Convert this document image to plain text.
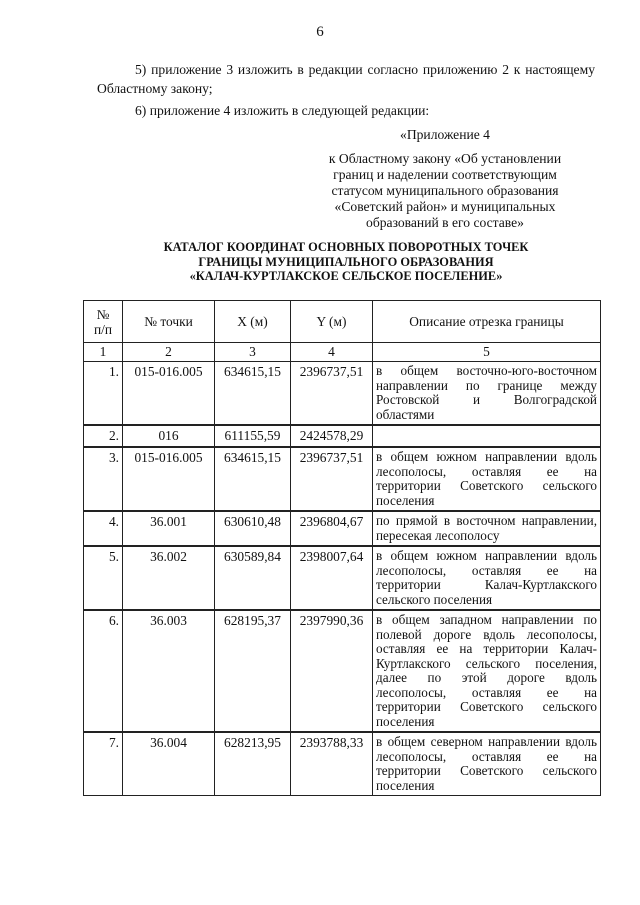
6
5) приложение 3 изложить в редакции согласно приложению 2 к настоящему Областному закону;
6) приложение 4 изложить в следующей редакции:
«Приложение 4
к Областному закону «Об установлении
границ и наделении соответствующим
статусом муниципального образования
«Советский район» и муниципальных
образований в его составе»
КАТАЛОГ КООРДИНАТ ОСНОВНЫХ ПОВОРОТНЫХ ТОЧЕК
ГРАНИЦЫ МУНИЦИПАЛЬНОГО ОБРАЗОВАНИЯ
«КАЛАЧ-КУРТЛАКСКОЕ СЕЛЬСКОЕ ПОСЕЛЕНИЕ»
№
п/п	№ точки	X (м)	Y (м)	Описание отрезка границы
1	2	3	4	5
1.	015-016.005	634615,15	2396737,51	в общем восточно-юго-восточном направлении по границе между Ростовской и Волгоградской областями

2.	016	611155,59	2424578,29	

3.	015-016.005	634615,15	2396737,51	в общем южном направлении вдоль лесополосы, оставляя ее на территории Советского сельского поселения

4.	36.001	630610,48	2396804,67	по прямой в восточном направлении, пересекая лесополосу

5.	36.002	630589,84	2398007,64	в общем южном направлении вдоль лесополосы, оставляя ее на территории Калач-Куртлакского сельского поселения

6.	36.003	628195,37	2397990,36	в общем западном направлении по полевой дороге вдоль лесополосы, оставляя ее на территории Калач-Куртлакского сельского поселения, далее по этой дороге вдоль лесополосы, оставляя ее на территории Советского сельского поселения

7.	36.004	628213,95	2393788,33	в общем северном направлении вдоль лесополосы, оставляя ее на территории Советского сельского поселения
